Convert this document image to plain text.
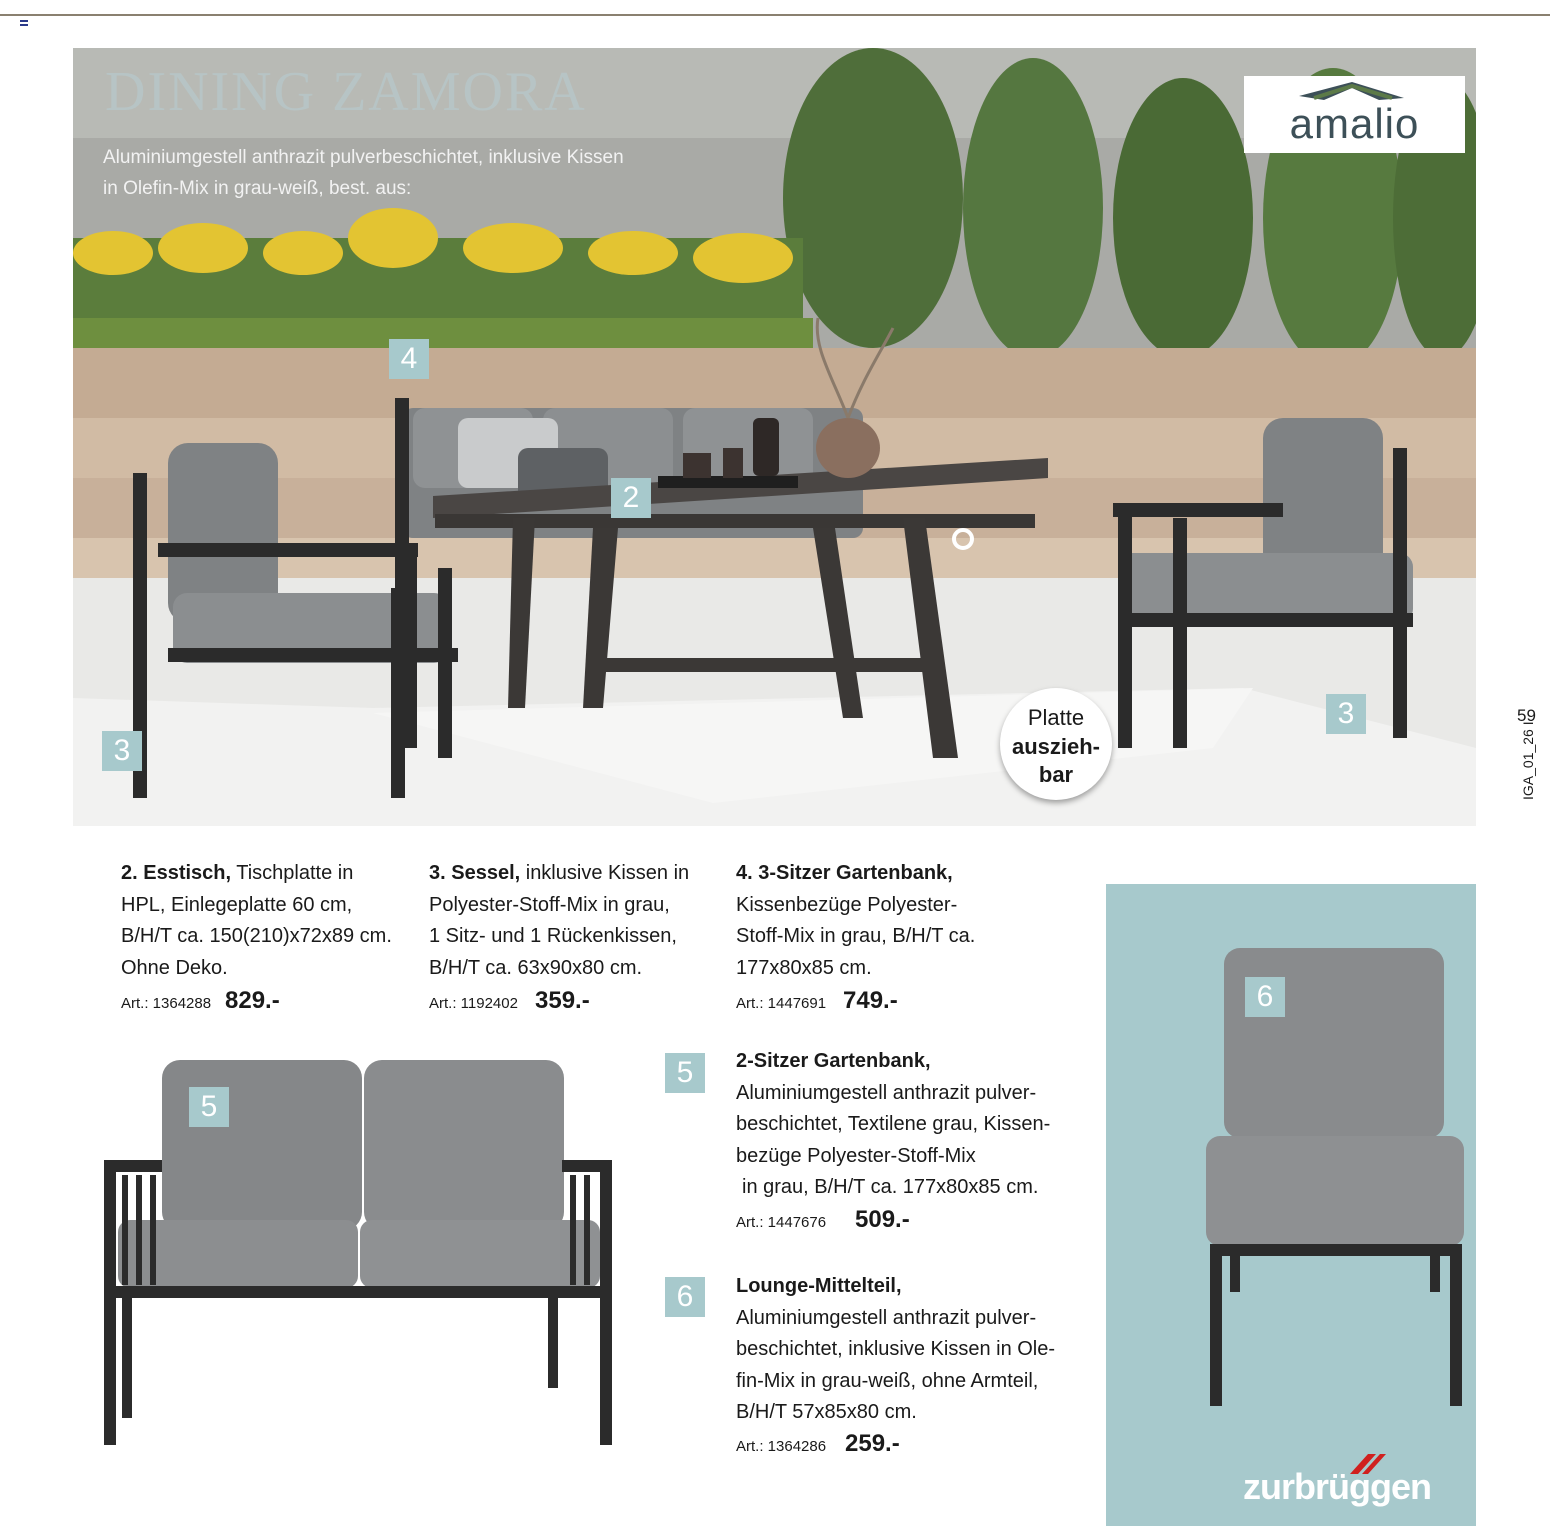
DINING ZAMORA
Aluminiumgestell anthrazit pulverbeschichtet, inklusive Kissen
in Olefin-Mix in grau-weiß, best. aus:
amalio
4
2
3
3
Platte
auszieh-
bar
59
IGA_01_26 I
2. Esstisch, Tischplatte in
HPL, Einlegeplatte 60 cm,
B/H/T ca. 150(210)x72x89 cm.
Ohne Deko.
Art.: 1364288 829.-
3. Sessel, inklusive Kissen in
Polyester-Stoff-Mix in grau,
1 Sitz- und 1 Rückenkissen,
B/H/T ca. 63x90x80 cm.
Art.: 1192402 359.-
4. 3-Sitzer Gartenbank,
Kissenbezüge Polyester-
Stoff-Mix in grau, B/H/T ca.
177x80x85 cm.
Art.: 1447691 749.-
5
5	2-Sitzer Gartenbank,
Aluminiumgestell anthrazit pulver-
beschichtet, Textilene grau, Kissen-
bezüge Polyester-Stoff-Mix
in grau, B/H/T ca. 177x80x85 cm.
Art.: 1447676 509.-
6	Lounge-Mittelteil,
Aluminiumgestell anthrazit pulver-
beschichtet, inklusive Kissen in Ole-
fin-Mix in grau-weiß, ohne Armteil,
B/H/T 57x85x80 cm.
Art.: 1364286 259.-
6
zurbrüggen
